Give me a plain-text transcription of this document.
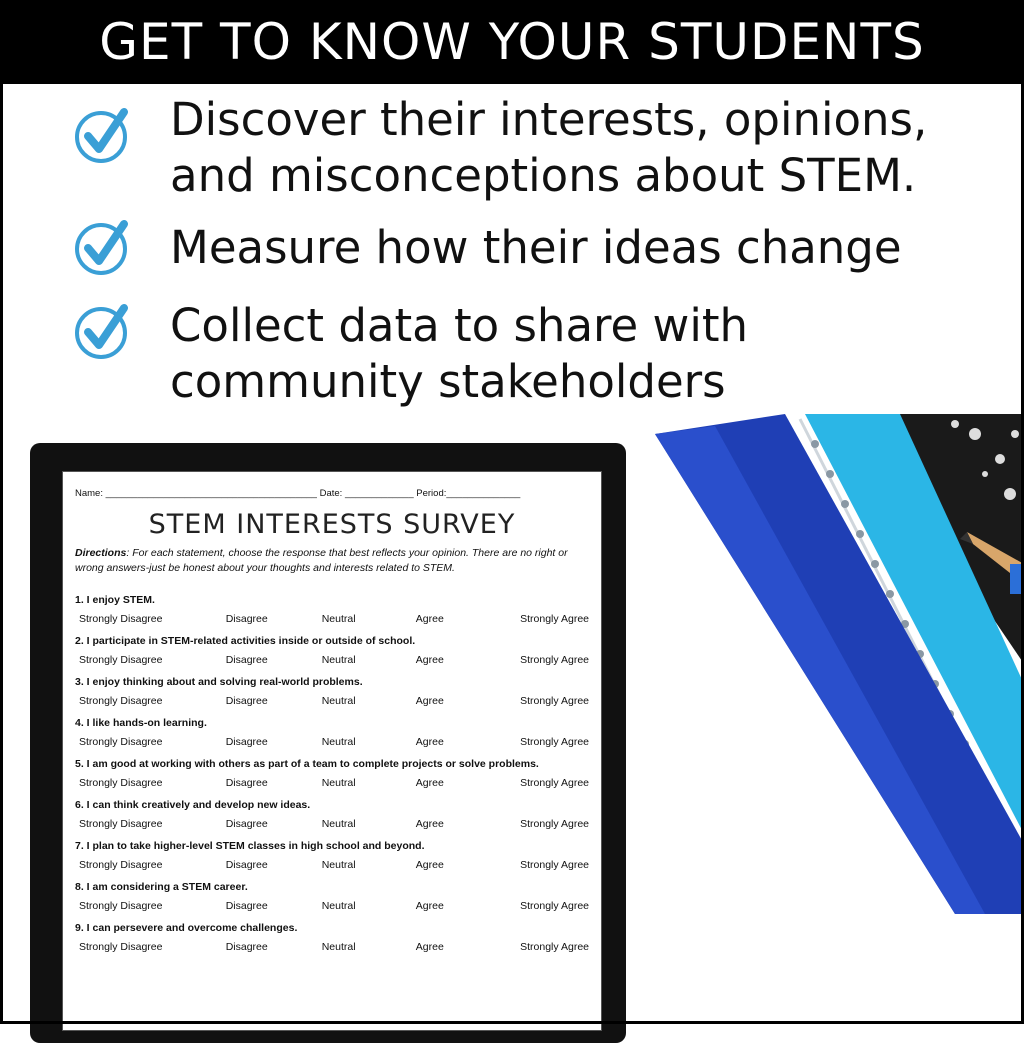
GET TO KNOW YOUR STUDENTS
Discover their interests, opinions,
and misconceptions about STEM.
Measure how their ideas change
Collect data to share with
community stakeholders
Name: ________________________________________ Date: _____________ Period:______________
STEM INTERESTS SURVEY
Directions: For each statement, choose the response that best reflects your opinion. There are no right or wrong answers-just be honest about your thoughts and interests related to STEM.
1. I enjoy STEM.
Strongly Disagree	Disagree	Neutral	Agree	Strongly Agree
2. I participate in STEM-related activities inside or outside of school.
Strongly Disagree	Disagree	Neutral	Agree	Strongly Agree
3. I enjoy thinking about and solving real-world problems.
Strongly Disagree	Disagree	Neutral	Agree	Strongly Agree
4. I like hands-on learning.
Strongly Disagree	Disagree	Neutral	Agree	Strongly Agree
5. I am good at working with others as part of a team to complete projects or solve problems.
Strongly Disagree	Disagree	Neutral	Agree	Strongly Agree
6. I can think creatively and develop new ideas.
Strongly Disagree	Disagree	Neutral	Agree	Strongly Agree
7. I plan to take higher-level STEM classes in high school and beyond.
Strongly Disagree	Disagree	Neutral	Agree	Strongly Agree
8. I am considering a STEM career.
Strongly Disagree	Disagree	Neutral	Agree	Strongly Agree
9. I can persevere and overcome challenges.
Strongly Disagree	Disagree	Neutral	Agree	Strongly Agree
